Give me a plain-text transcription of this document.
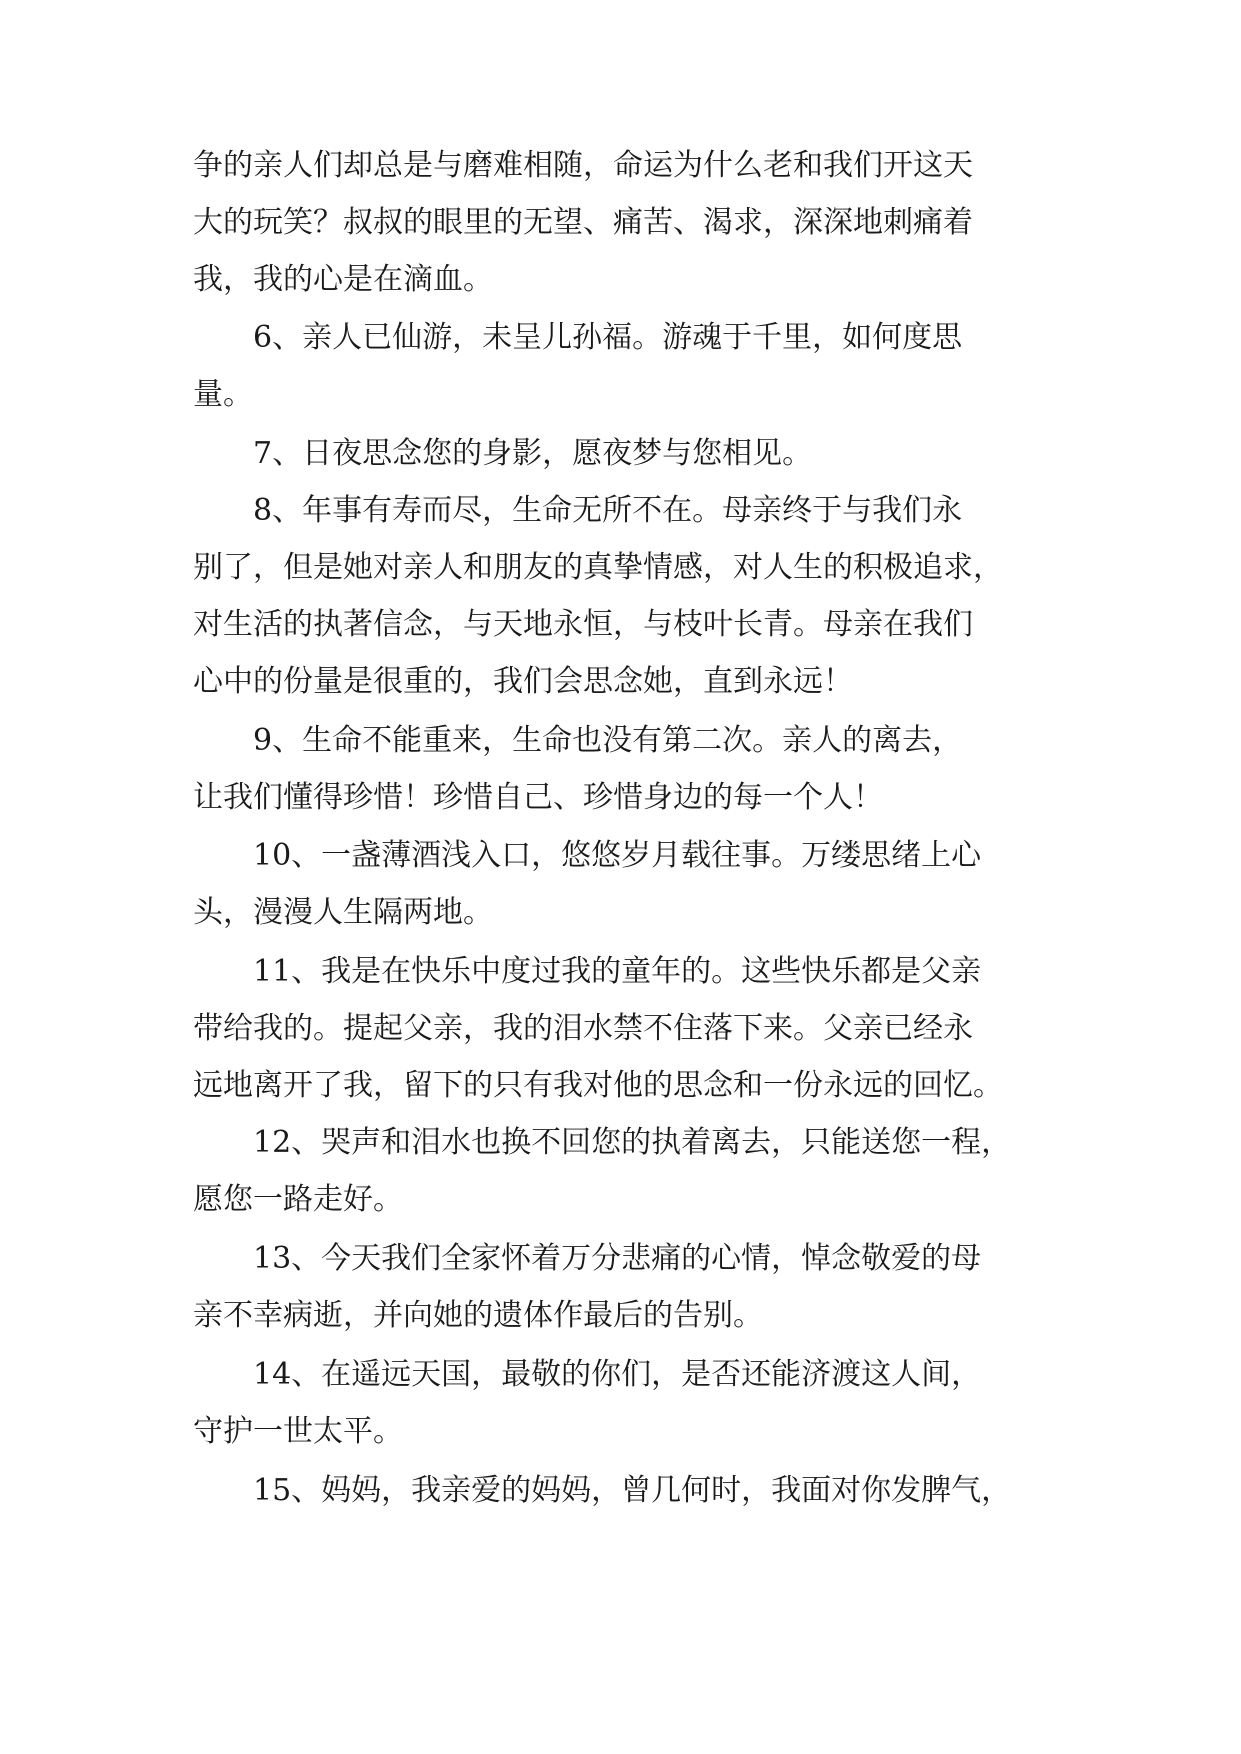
争的亲人们却总是与磨难相随，命运为什么老和我们开这天

大的玩笑？叔叔的眼里的无望、痛苦、渴求，深深地刺痛着

我，我的心是在滴血。

6、亲人已仙游，未呈儿孙福。游魂于千里，如何度思

量。

7、日夜思念您的身影，愿夜梦与您相见。

8、年事有寿而尽，生命无所不在。母亲终于与我们永

别了，但是她对亲人和朋友的真挚情感，对人生的积极追求，

对生活的执著信念，与天地永恒，与枝叶长青。母亲在我们

心中的份量是很重的，我们会思念她，直到永远！

9、生命不能重来，生命也没有第二次。亲人的离去，

让我们懂得珍惜！珍惜自己、珍惜身边的每一个人！

10、一盏薄酒浅入口，悠悠岁月载往事。万缕思绪上心

头，漫漫人生隔两地。

11、我是在快乐中度过我的童年的。这些快乐都是父亲

带给我的。提起父亲，我的泪水禁不住落下来。父亲已经永

远地离开了我，留下的只有我对他的思念和一份永远的回忆。

12、哭声和泪水也换不回您的执着离去，只能送您一程，

愿您一路走好。

13、今天我们全家怀着万分悲痛的心情，悼念敬爱的母

亲不幸病逝，并向她的遗体作最后的告别。

14、在遥远天国，最敬的你们，是否还能济渡这人间，

守护一世太平。

15、妈妈，我亲爱的妈妈，曾几何时，我面对你发脾气，
